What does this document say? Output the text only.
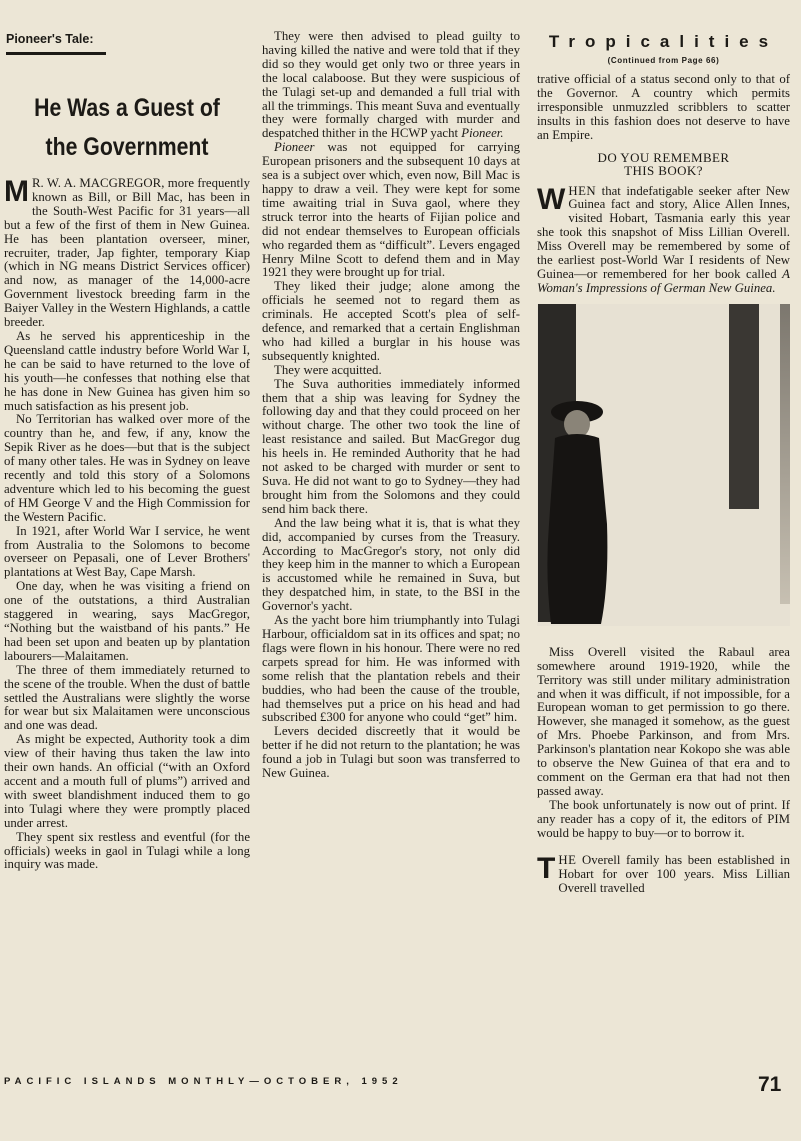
Pioneer's Tale:
He Was a Guest of
the Government

M R. W. A. MACGREGOR, more frequently known as Bill, or Bill Mac, has been in the South-West Pacific for 31 years—all but a few of the first of them in New Guinea. He has been plantation overseer, miner, recruiter, trader, Jap fighter, temporary Kiap (which in NG means District Services officer) and now, as manager of the 14,000-acre Government livestock breeding farm in the Baiyer Valley in the Western Highlands, a cattle breeder.

As he served his apprenticeship in the Queensland cattle industry before World War I, he can be said to have returned to the love of his youth—he confesses that nothing else that he has done in New Guinea has given him so much satisfaction as his present job.

No Territorian has walked over more of the country than he, and few, if any, know the Sepik River as he does—but that is the subject of many other tales. He was in Sydney on leave recently and told this story of a Solomons adventure which led to his becoming the guest of HM George V and the High Commission for the Western Pacific.

In 1921, after World War I service, he went from Australia to the Solomons to become overseer on Pepasali, one of Lever Brothers' plantations at West Bay, Cape Marsh.

One day, when he was visiting a friend on one of the outstations, a third Australian staggered in wearing, says MacGregor, “Nothing but the waistband of his pants.” He had been set upon and beaten up by plantation labourers—Malaitamen.

The three of them immediately returned to the scene of the trouble. When the dust of battle settled the Australians were slightly the worse for wear but six Malaitamen were unconscious and one was dead.

As might be expected, Authority took a dim view of their having thus taken the law into their own hands. An official (“with an Oxford accent and a mouth full of plums”) arrived and with sweet blandishment induced them to go into Tulagi where they were promptly placed under arrest.

They spent six restless and eventful (for the officials) weeks in gaol in Tulagi while a long inquiry was made.

They were then advised to plead guilty to having killed the native and were told that if they did so they would get only two or three years in the local calaboose. But they were suspicious of the Tulagi set-up and demanded a full trial with all the trimmings. This meant Suva and eventually they were formally charged with murder and despatched thither in the HCWP yacht Pioneer.

Pioneer was not equipped for carrying European prisoners and the subsequent 10 days at sea is a subject over which, even now, Bill Mac is happy to draw a veil. They were kept for some time awaiting trial in Suva gaol, where they struck terror into the hearts of Fijian police and did not endear themselves to European officials who regarded them as “difficult”. Levers engaged Henry Milne Scott to defend them and in May 1921 they were brought up for trial.

They liked their judge; alone among the officials he seemed not to regard them as criminals. He accepted Scott's plea of self-defence, and remarked that a certain Englishman who had killed a burglar in his house was subsequently knighted.

They were acquitted.

The Suva authorities immediately informed them that a ship was leaving for Sydney the following day and that they could proceed on her without charge. The other two took the line of least resistance and sailed. But MacGregor dug his heels in. He reminded Authority that he had not asked to be charged with murder or sent to Suva. He did not want to go to Sydney—they had brought him from the Solomons and they could send him back there.

And the law being what it is, that is what they did, accompanied by curses from the Treasury. According to MacGregor's story, not only did they keep him in the manner to which a European is accustomed while he remained in Suva, but they despatched him, in state, to the BSI in the Governor's yacht.

As the yacht bore him triumphantly into Tulagi Harbour, officialdom sat in its offices and spat; no flags were flown in his honour. There were no red carpets spread for him. He was informed with some relish that the plantation rebels and their buddies, who had been the cause of the trouble, had themselves put a price on his head and had subscribed £300 for anyone who could “get” him.

Levers decided discreetly that it would be better if he did not return to the plantation; he was found a job in Tulagi but soon was transferred to New Guinea.

Tropicalities
(Continued from Page 66)

trative official of a status second only to that of the Governor. A country which permits irresponsible unmuzzled scribblers to scatter insults in this fashion does not deserve to have an Empire.

DO YOU REMEMBER
THIS BOOK?

WHEN that indefatigable seeker after New Guinea fact and story, Alice Allen Innes, visited Hobart, Tasmania early this year she took this snapshot of Miss Lillian Overell. Miss Overell may be remembered by some of the earliest post-World War I residents of New Guinea—or remembered for her book called A Woman's Impressions of German New Guinea.

Miss Overell visited the Rabaul area somewhere around 1919-1920, while the Territory was still under military administration and when it was difficult, if not impossible, for a European woman to get permission to go there. However, she managed it somehow, as the guest of Mrs. Phoebe Parkinson, and from Mrs. Parkinson's plantation near Kokopo she was able to observe the New Guinea of that era and to comment on the German era that had not then passed away.

The book unfortunately is now out of print. If any reader has a copy of it, the editors of PIM would be happy to buy—or to borrow it.

THE Overell family has been established in Hobart for over 100 years. Miss Lillian Overell travelled

PACIFIC ISLANDS MONTHLY—OCTOBER, 1952	71
